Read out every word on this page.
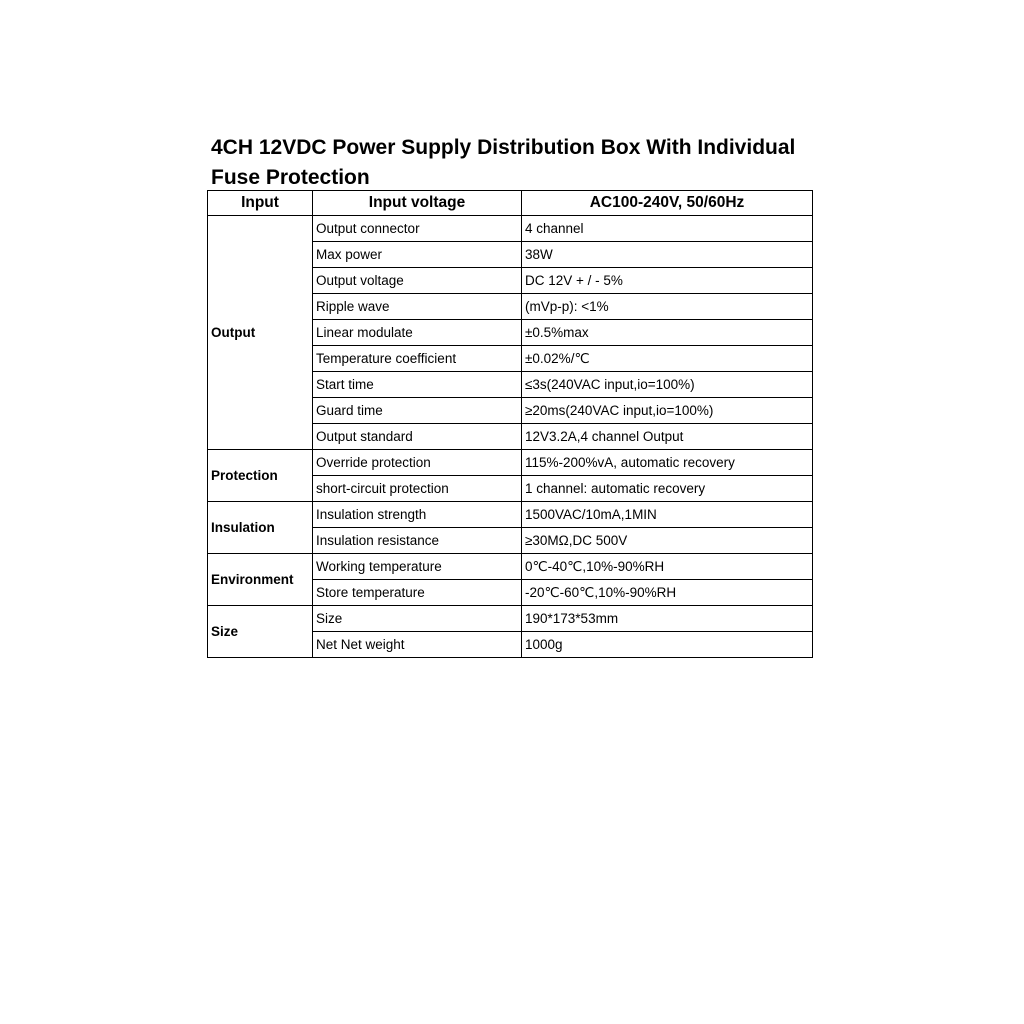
4CH 12VDC Power Supply Distribution Box With Individual Fuse Protection
Input	Input voltage	AC100-240V, 50/60Hz
Output	Output connector	4 channel
	Max power	38W
	Output voltage	DC 12V + / - 5%
	Ripple wave	(mVp-p): <1%
	Linear modulate	±0.5%max
	Temperature coefficient	±0.02%/℃
	Start time	≤3s(240VAC input,io=100%)
	Guard time	≥20ms(240VAC input,io=100%)
	Output standard	12V3.2A,4 channel Output
Protection	Override protection	115%-200%vA, automatic recovery
	short-circuit protection	1 channel: automatic recovery
Insulation	Insulation strength	1500VAC/10mA,1MIN
	Insulation resistance	≥30MΩ,DC 500V
Environment	Working temperature	0℃-40℃,10%-90%RH
	Store temperature	-20℃-60℃,10%-90%RH
Size	Size	190*173*53mm
	Net Net weight	1000g
